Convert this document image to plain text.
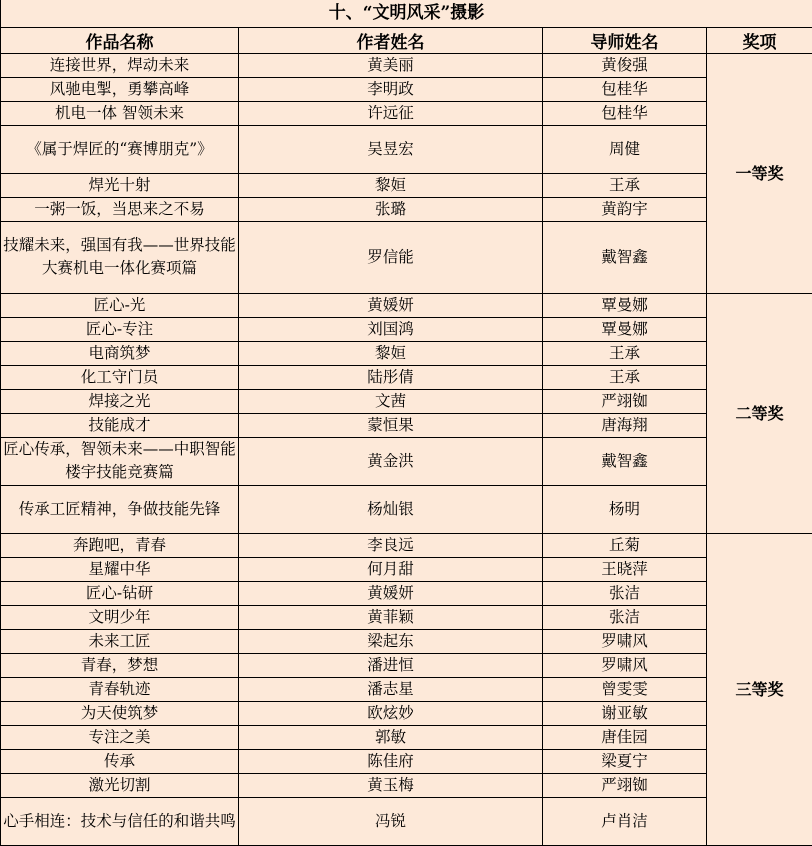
十、“文明风采”摄影			
作品名称	作者姓名	导师姓名	奖项
连接世界，焊动未来	黄美丽	黄俊强	一等奖
风驰电掣，勇攀高峰	李明政	包桂华	
机电一体 智领未来	许远征	包桂华	
《属于焊匠的“赛博朋克”》	吴昱宏	周健	
焊光十射	黎姮	王承	
一粥一饭，当思来之不易	张璐	黄韵宇	
技耀未来，强国有我——世界技能大赛机电一体化赛项篇	罗信能	戴智鑫	
匠心-光	黄媛妍	覃曼娜	二等奖
匠心-专注	刘国鸿	覃曼娜	
电商筑梦	黎姮	王承	
化工守门员	陆彤倩	王承	
焊接之光	文茜	严翊铷	
技能成才	蒙恒果	唐海翔	
匠心传承，智领未来——中职智能楼宇技能竞赛篇	黄金洪	戴智鑫	
传承工匠精神，争做技能先锋	杨灿银	杨明	
奔跑吧，青春	李良远	丘菊	三等奖
星耀中华	何月甜	王晓萍	
匠心-钻研	黄媛妍	张洁	
文明少年	黄菲颖	张洁	
未来工匠	梁起东	罗啸风	
青春，梦想	潘进恒	罗啸风	
青春轨迹	潘志星	曾雯雯	
为天使筑梦	欧炫妙	谢亚敏	
专注之美	郭敏	唐佳园	
传承	陈佳府	梁夏宁	
激光切割	黄玉梅	严翊铷	
心手相连：技术与信任的和谐共鸣	冯锐	卢肖洁	
